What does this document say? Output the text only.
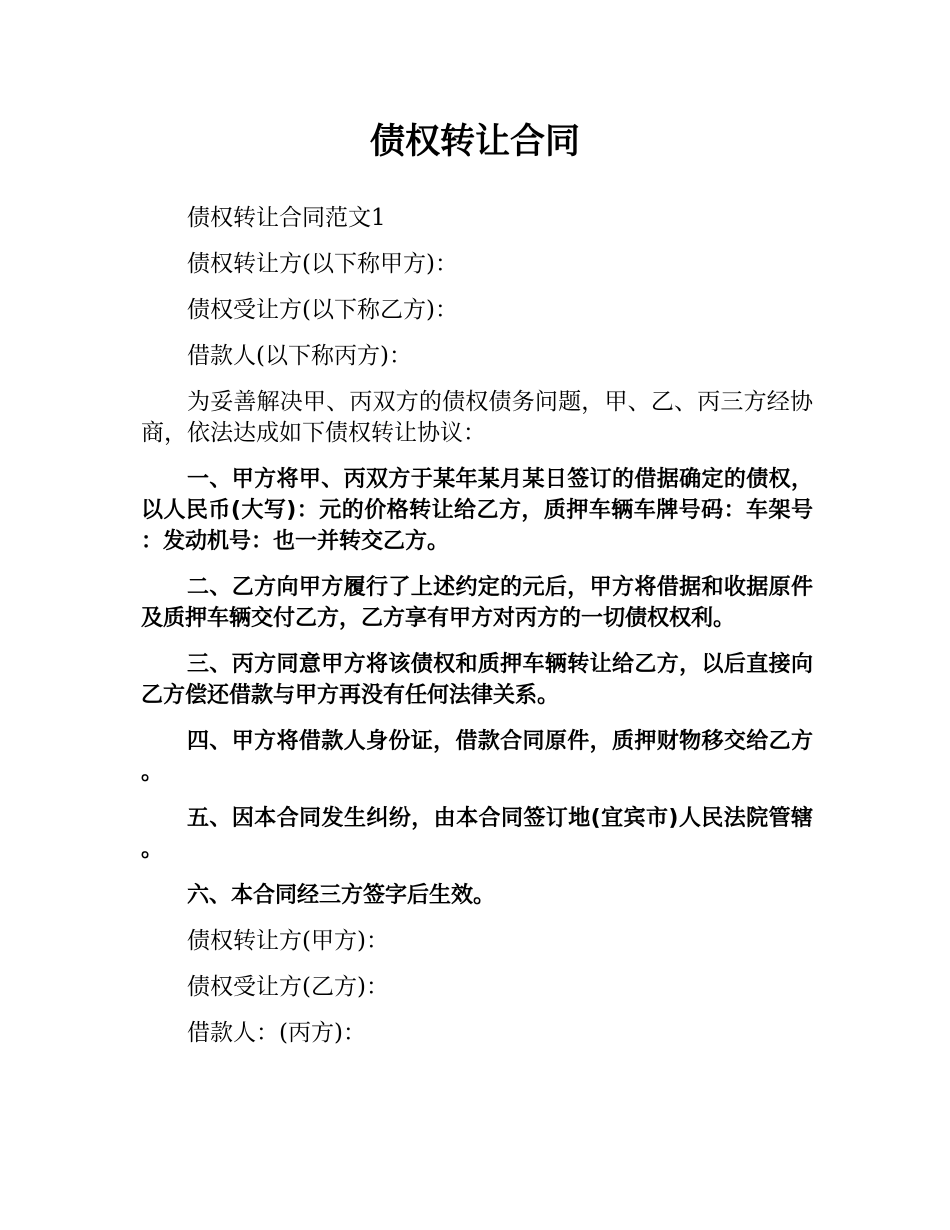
债权转让合同

债权转让合同范文1

债权转让方(以下称甲方)：

债权受让方(以下称乙方)：

借款人(以下称丙方)：

为妥善解决甲、丙双方的债权债务问题，甲、乙、丙三方经协商，依法达成如下债权转让协议：

一、甲方将甲、丙双方于某年某月某日签订的借据确定的债权，以人民币(大写)：元的价格转让给乙方，质押车辆车牌号码：车架号：发动机号：也一并转交乙方。

二、乙方向甲方履行了上述约定的元后，甲方将借据和收据原件及质押车辆交付乙方，乙方享有甲方对丙方的一切债权权利。

三、丙方同意甲方将该债权和质押车辆转让给乙方，以后直接向乙方偿还借款与甲方再没有任何法律关系。

四、甲方将借款人身份证，借款合同原件，质押财物移交给乙方。

五、因本合同发生纠纷，由本合同签订地(宜宾市)人民法院管辖。

六、本合同经三方签字后生效。

债权转让方(甲方)：

债权受让方(乙方)：

借款人：(丙方)：
